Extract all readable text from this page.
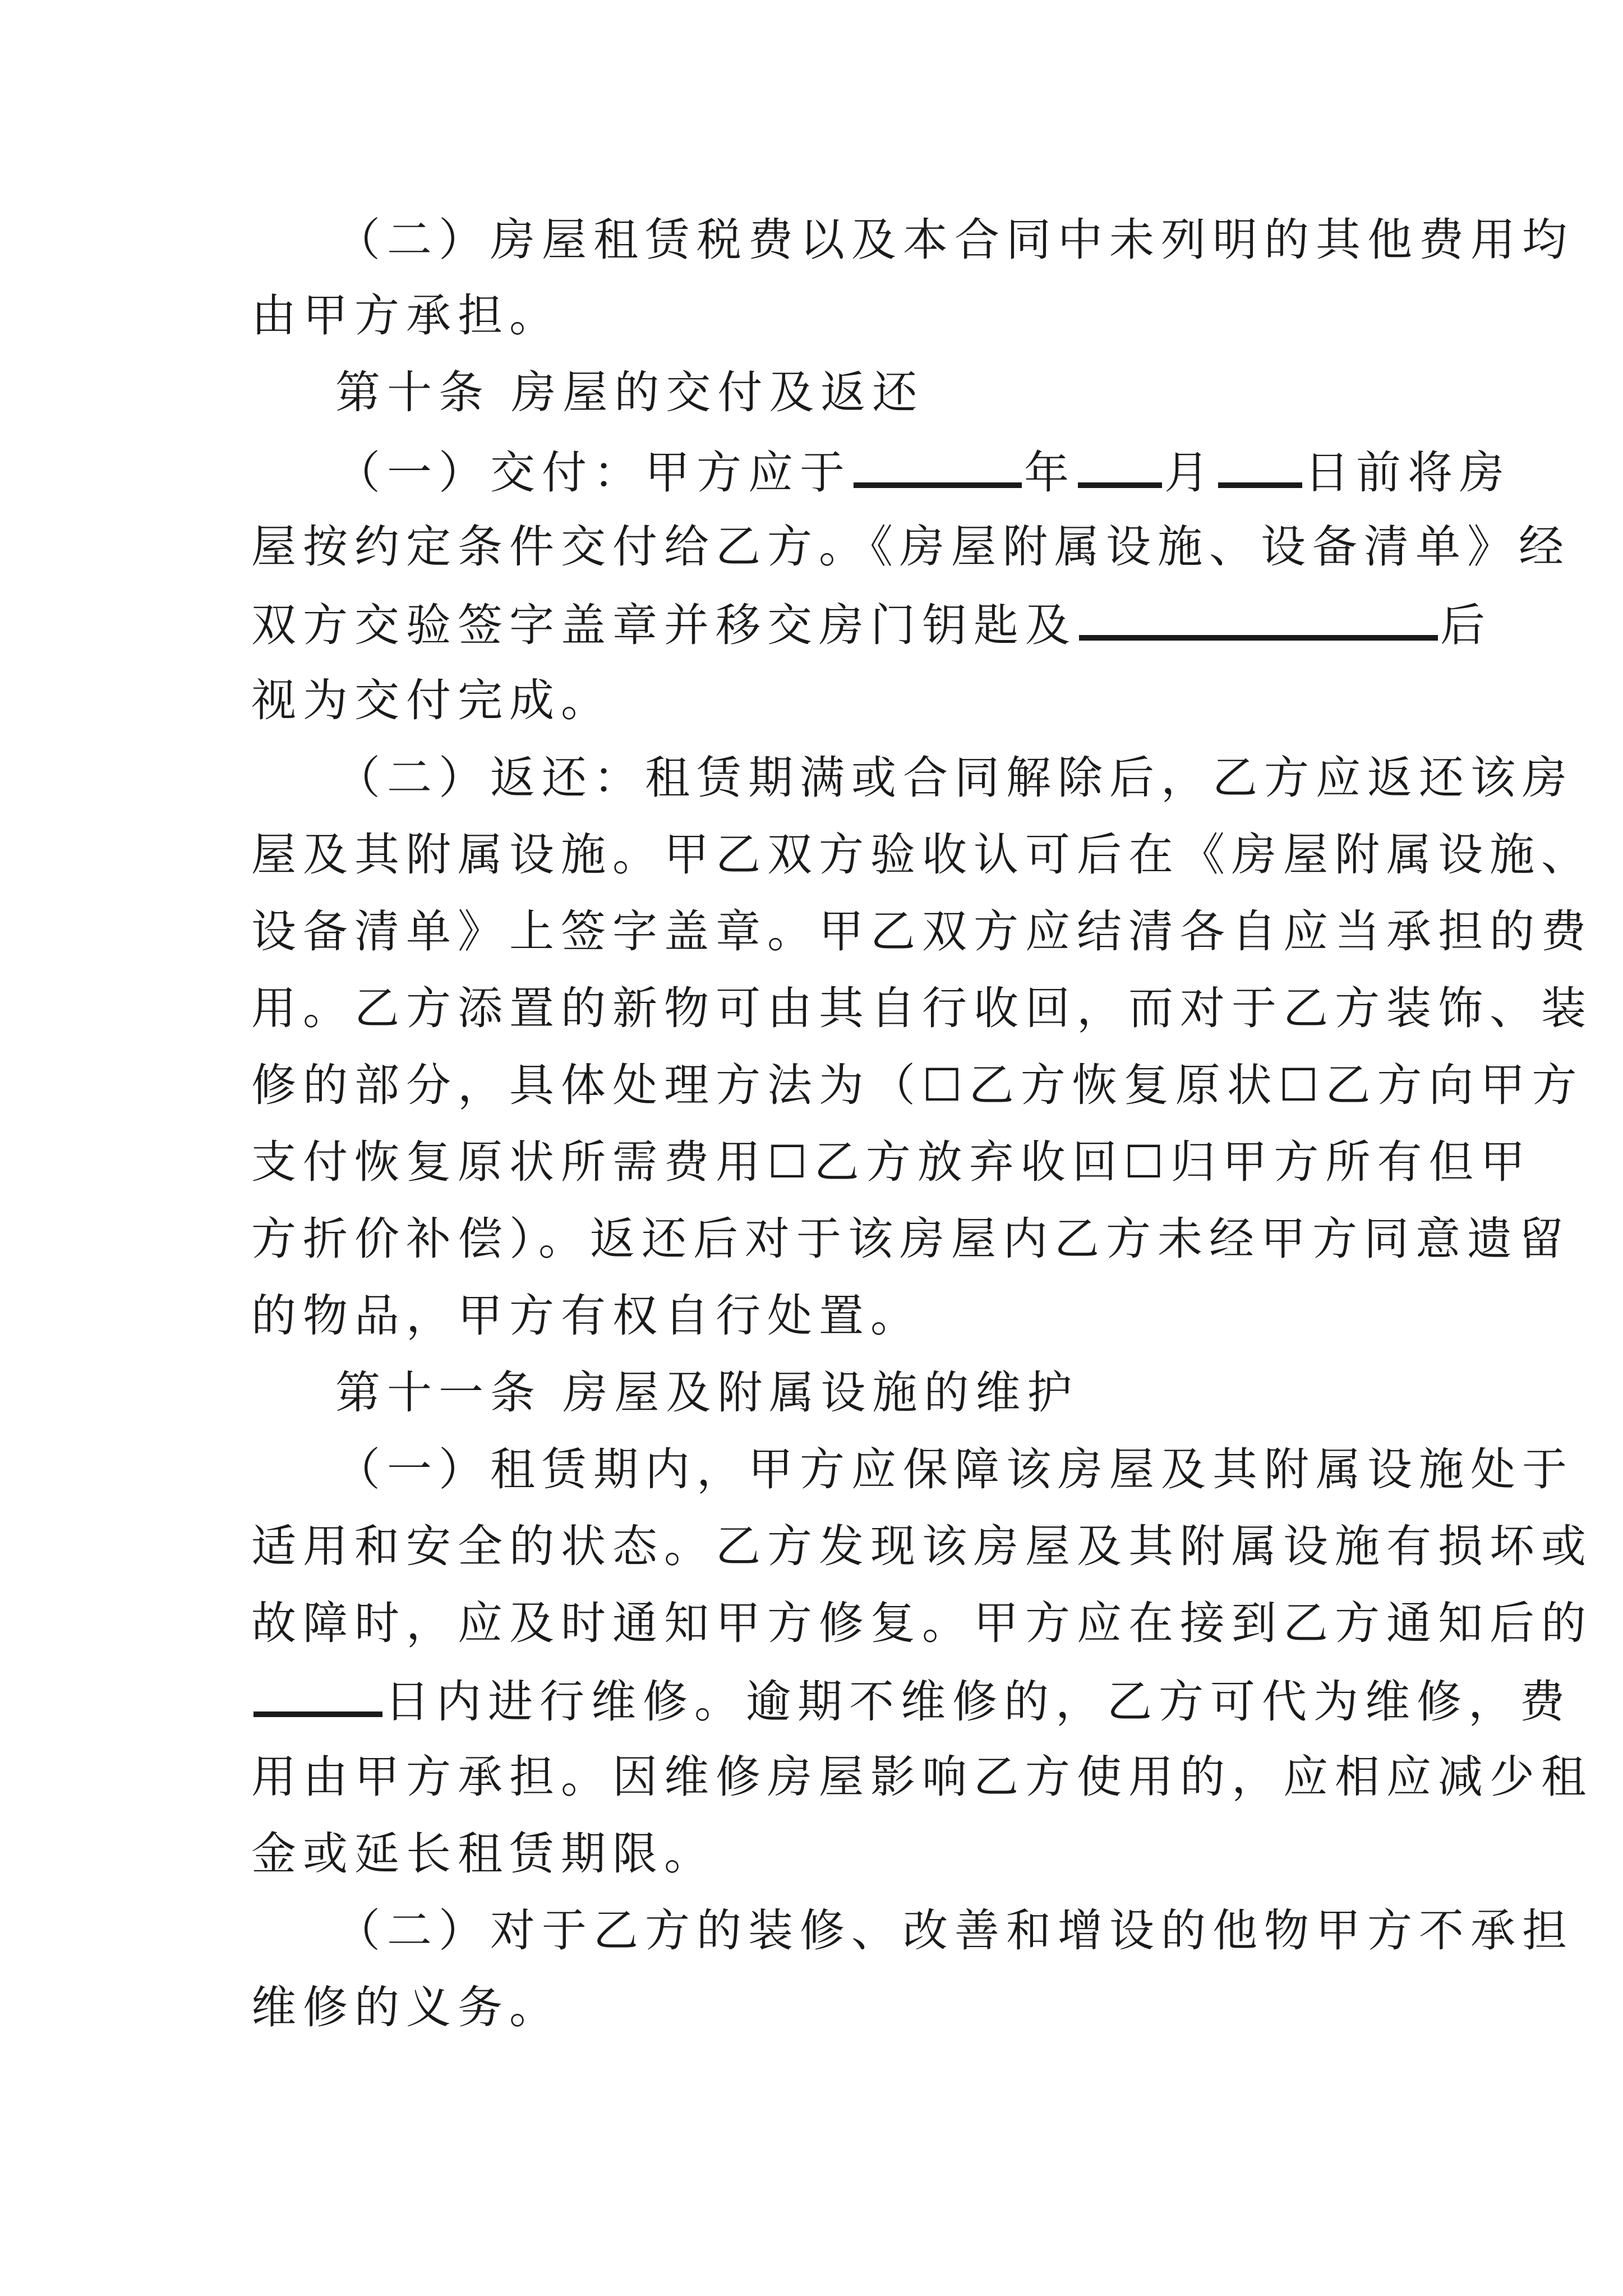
（二）房屋租赁税费以及本合同中未列明的其他费用均
由甲方承担。
第十条 房屋的交付及返还
（一）交付：甲方应于	年 月 日前将房
屋按约定条件交付给乙方。《房屋附属设施、设备清单》经
双方交验签字盖章并移交房门钥匙及	后
视为交付完成。
（二）返还：租赁期满或合同解除后，乙方应返还该房
屋及其附属设施。甲乙双方验收认可后在《房屋附属设施、
设备清单》上签字盖章。甲乙双方应结清各自应当承担的费
用。乙方添置的新物可由其自行收回，而对于乙方装饰、装
修的部分，具体处理方法为（☐乙方恢复原状☐乙方向甲方
支付恢复原状所需费用☐乙方放弃收回☐归甲方所有但甲
方折价补偿）。返还后对于该房屋内乙方未经甲方同意遗留
的物品，甲方有权自行处置。
第十一条 房屋及附属设施的维护
（一）租赁期内，甲方应保障该房屋及其附属设施处于
适用和安全的状态。乙方发现该房屋及其附属设施有损坏或
故障时，应及时通知甲方修复。甲方应在接到乙方通知后的
日内进行维修。逾期不维修的，乙方可代为维修，费
用由甲方承担。因维修房屋影响乙方使用的，应相应减少租
金或延长租赁期限。
（二）对于乙方的装修、改善和增设的他物甲方不承担
维修的义务。
